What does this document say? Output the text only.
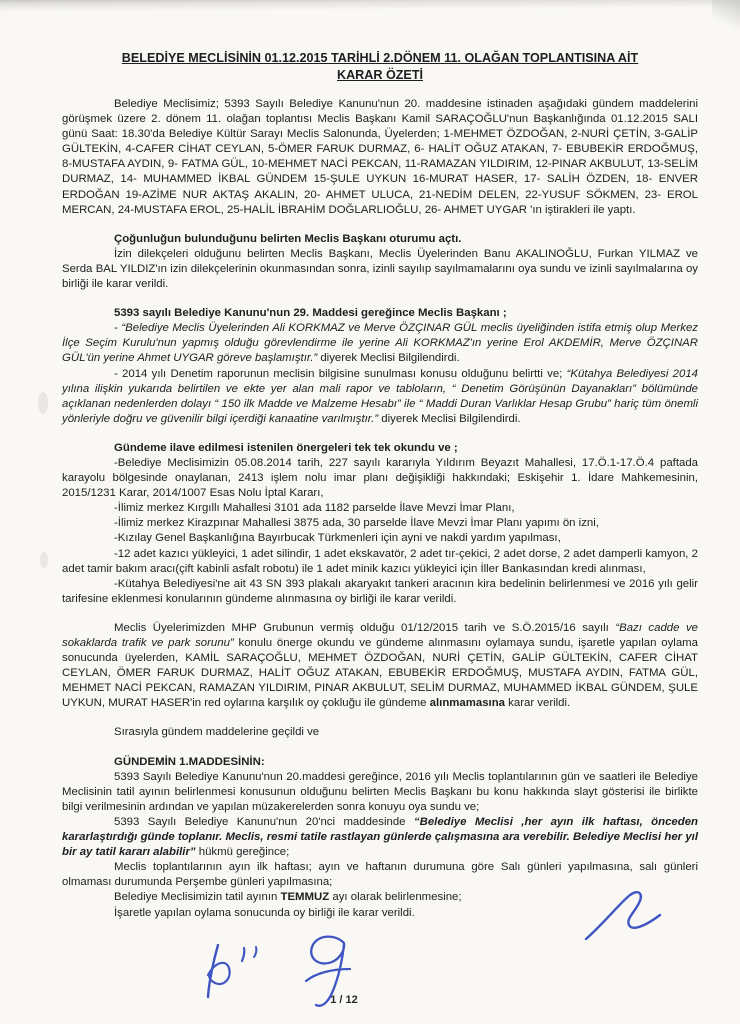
BELEDİYE MECLİSİNİN 01.12.2015 TARİHLİ 2.DÖNEM 11. OLAĞAN TOPLANTISINA AİT
KARAR ÖZETİ

Belediye Meclisimiz; 5393 Sayılı Belediye Kanunu'nun 20. maddesine istinaden aşağıdaki gündem maddelerini görüşmek üzere 2. dönem 11. olağan toplantısı Meclis Başkanı Kamil SARAÇOĞLU'nun Başkanlığında 01.12.2015 SALI günü Saat: 18.30'da Belediye Kültür Sarayı Meclis Salonunda, Üyelerden; 1-MEHMET ÖZDOĞAN, 2-NURİ ÇETİN, 3-GALİP GÜLTEKİN, 4-CAFER CİHAT CEYLAN, 5-ÖMER FARUK DURMAZ, 6- HALİT OĞUZ ATAKAN, 7- EBUBEKİR ERDOĞMUŞ, 8-MUSTAFA AYDIN, 9- FATMA GÜL, 10-MEHMET NACİ PEKCAN, 11-RAMAZAN YILDIRIM, 12-PINAR AKBULUT, 13-SELİM DURMAZ, 14- MUHAMMED İKBAL GÜNDEM 15-ŞULE UYKUN 16-MURAT HASER, 17- SALİH ÖZDEN, 18- ENVER ERDOĞAN 19-AZİME NUR AKTAŞ AKALIN, 20- AHMET ULUCA, 21-NEDİM DELEN, 22-YUSUF SÖKMEN, 23- EROL MERCAN, 24-MUSTAFA EROL, 25-HALİL İBRAHİM DOĞLARLIOĞLU, 26- AHMET UYGAR 'ın iştirakleri ile yaptı.

Çoğunluğun bulunduğunu belirten Meclis Başkanı oturumu açtı.

İzin dilekçeleri olduğunu belirten Meclis Başkanı, Meclis Üyelerinden Banu AKALINOĞLU, Furkan YILMAZ ve Serda BAL YILDIZ'ın izin dilekçelerinin okunmasından sonra, izinli sayılıp sayılmamalarını oya sundu ve izinli sayılmalarına oy birliği ile karar verildi.

5393 sayılı Belediye Kanunu'nun 29. Maddesi gereğince Meclis Başkanı ;

- “Belediye Meclis Üyelerinden Ali KORKMAZ ve Merve ÖZÇINAR GÜL meclis üyeliğinden istifa etmiş olup Merkez İlçe Seçim Kurulu'nun yapmış olduğu görevlendirme ile yerine Ali KORKMAZ'ın yerine Erol AKDEMİR, Merve ÖZÇINAR GÜL'ün yerine Ahmet UYGAR göreve başlamıştır.” diyerek Meclisi Bilgilendirdi.

- 2014 yılı Denetim raporunun meclisin bilgisine sunulması konusu olduğunu belirtti ve; “Kütahya Belediyesi 2014 yılına ilişkin yukarıda belirtilen ve ekte yer alan mali rapor ve tabloların, “ Denetim Görüşünün Dayanakları” bölümünde açıklanan nedenlerden dolayı “ 150 ilk Madde ve Malzeme Hesabı” ile “ Maddi Duran Varlıklar Hesap Grubu” hariç tüm önemli yönleriyle doğru ve güvenilir bilgi içerdiği kanaatine varılmıştır.” diyerek Meclisi Bilgilendirdi.

Gündeme ilave edilmesi istenilen önergeleri tek tek okundu ve ;

-Belediye Meclisimizin 05.08.2014 tarih, 227 sayılı kararıyla Yıldırım Beyazıt Mahallesi, 17.Ö.1-17.Ö.4 paftada karayolu bölgesinde onaylanan, 2413 işlem nolu imar planı değişikliği hakkındaki; Eskişehir 1. İdare Mahkemesinin, 2015/1231 Karar, 2014/1007 Esas Nolu İptal Kararı,

-İlimiz merkez Kırgıllı Mahallesi 3101 ada 1182 parselde İlave Mevzi İmar Planı,

-İlimiz merkez Kirazpınar Mahallesi 3875 ada, 30 parselde İlave Mevzi İmar Planı yapımı ön izni,

-Kızılay Genel Başkanlığına Bayırbucak Türkmenleri için ayni ve nakdi yardım yapılması,

-12 adet kazıcı yükleyici, 1 adet silindir, 1 adet ekskavatör, 2 adet tır-çekici, 2 adet dorse, 2 adet damperli kamyon, 2 adet tamir bakım aracı(çift kabinli asfalt robotu) ile 1 adet minik kazıcı yükleyici için İller Bankasından kredi alınması,

-Kütahya Belediyesi'ne ait 43 SN 393 plakalı akaryakıt tankeri aracının kira bedelinin belirlenmesi ve 2016 yılı gelir tarifesine eklenmesi konularının gündeme alınmasına oy birliği ile karar verildi.

Meclis Üyelerimizden MHP Grubunun vermiş olduğu 01/12/2015 tarih ve S.Ö.2015/16 sayılı “Bazı cadde ve sokaklarda trafik ve park sorunu” konulu önerge okundu ve gündeme alınmasını oylamaya sundu, işaretle yapılan oylama sonucunda üyelerden, KAMİL SARAÇOĞLU, MEHMET ÖZDOĞAN, NURİ ÇETİN, GALİP GÜLTEKİN, CAFER CİHAT CEYLAN, ÖMER FARUK DURMAZ, HALİT OĞUZ ATAKAN, EBUBEKİR ERDOĞMUŞ, MUSTAFA AYDIN, FATMA GÜL, MEHMET NACİ PEKCAN, RAMAZAN YILDIRIM, PINAR AKBULUT, SELİM DURMAZ, MUHAMMED İKBAL GÜNDEM, ŞULE UYKUN, MURAT HASER'in red oylarına karşılık oy çokluğu ile gündeme alınmamasına karar verildi.

Sırasıyla gündem maddelerine geçildi ve

GÜNDEMİN 1.MADDESİNİN:

5393 Sayılı Belediye Kanunu'nun 20.maddesi gereğince, 2016 yılı Meclis toplantılarının gün ve saatleri ile Belediye Meclisinin tatil ayının belirlenmesi konusunun olduğunu belirten Meclis Başkanı bu konu hakkında slayt gösterisi ile birlikte bilgi verilmesinin ardından ve yapılan müzakerelerden sonra konuyu oya sundu ve;

5393 Sayılı Belediye Kanunu'nun 20'nci maddesinde “Belediye Meclisi ,her ayın ilk haftası, önceden kararlaştırdığı günde toplanır. Meclis, resmi tatile rastlayan günlerde çalışmasına ara verebilir. Belediye Meclisi her yıl bir ay tatil kararı alabilir” hükmü gereğince;

Meclis toplantılarının ayın ilk haftası; ayın ve haftanın durumuna göre Salı günleri yapılmasına, salı günleri olmaması durumunda Perşembe günleri yapılmasına;

Belediye Meclisimizin tatil ayının TEMMUZ ayı olarak belirlenmesine;

İşaretle yapılan oylama sonucunda oy birliği ile karar verildi.

1 / 12
